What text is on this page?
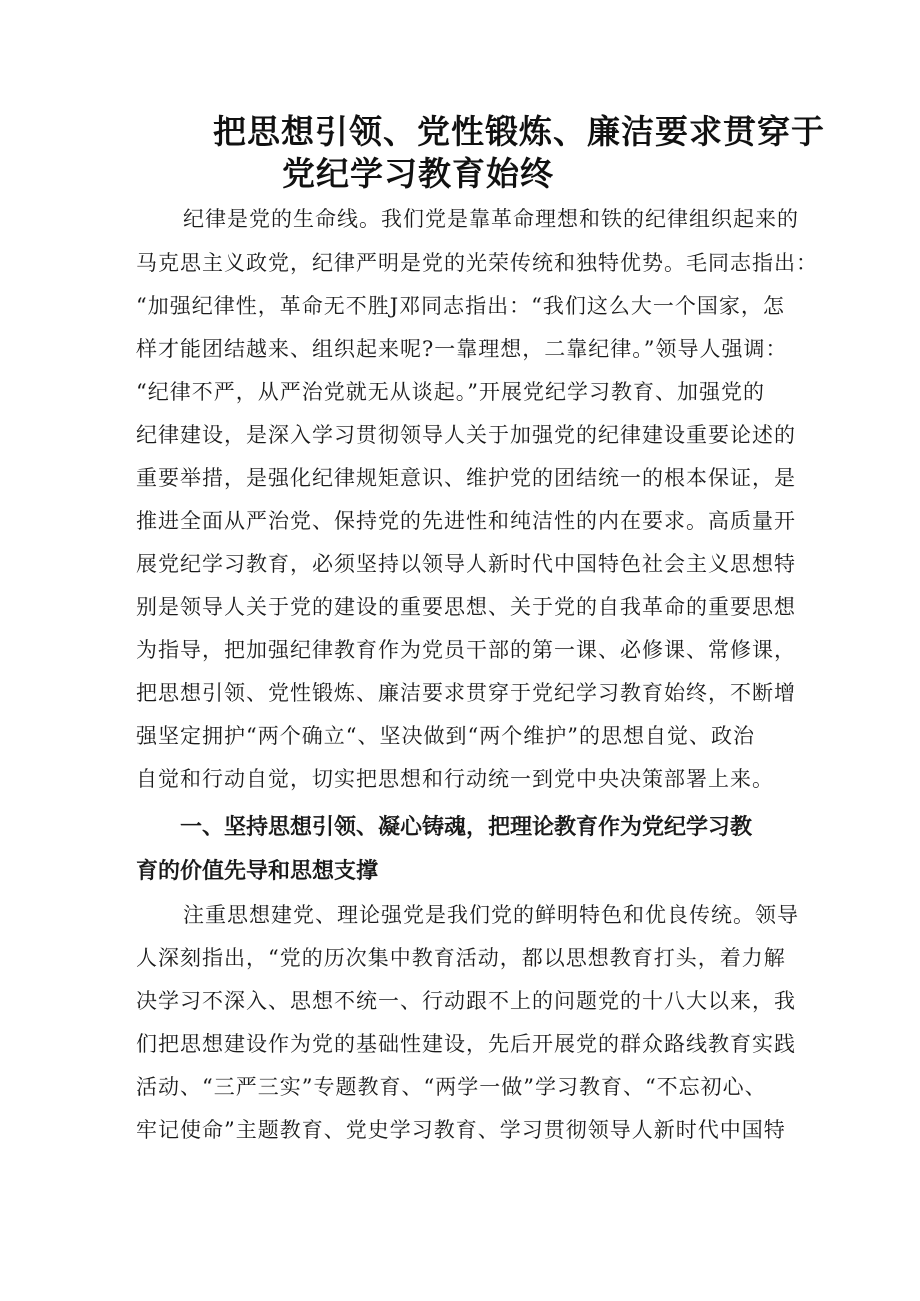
把思想引领、党性锻炼、廉洁要求贯穿于
党纪学习教育始终
纪律是党的生命线。我们党是靠革命理想和铁的纪律组织起来的
马克思主义政党，纪律严明是党的光荣传统和独特优势。毛同志指出：
“加强纪律性，革命无不胜J邓同志指出：“我们这么大一个国家，怎
样才能团结越来、组织起来呢?一靠理想，二靠纪律。”领导人强调：
“纪律不严，从严治党就无从谈起。”开展党纪学习教育、加强党的
纪律建设，是深入学习贯彻领导人关于加强党的纪律建设重要论述的
重要举措，是强化纪律规矩意识、维护党的团结统一的根本保证，是
推进全面从严治党、保持党的先进性和纯洁性的内在要求。高质量开
展党纪学习教育，必须坚持以领导人新时代中国特色社会主义思想特
别是领导人关于党的建设的重要思想、关于党的自我革命的重要思想
为指导，把加强纪律教育作为党员干部的第一课、必修课、常修课，
把思想引领、党性锻炼、廉洁要求贯穿于党纪学习教育始终，不断增
强坚定拥护“两个确立“、坚决做到“两个维护”的思想自觉、政治
自觉和行动自觉，切实把思想和行动统一到党中央决策部署上来。
一、坚持思想引领、凝心铸魂，把理论教育作为党纪学习教
育的价值先导和思想支撑
注重思想建党、理论强党是我们党的鲜明特色和优良传统。领导
人深刻指出，“党的历次集中教育活动，都以思想教育打头，着力解
决学习不深入、思想不统一、行动跟不上的问题党的十八大以来，我
们把思想建设作为党的基础性建设，先后开展党的群众路线教育实践
活动、“三严三实”专题教育、“两学一做”学习教育、“不忘初心、
牢记使命”主题教育、党史学习教育、学习贯彻领导人新时代中国特
